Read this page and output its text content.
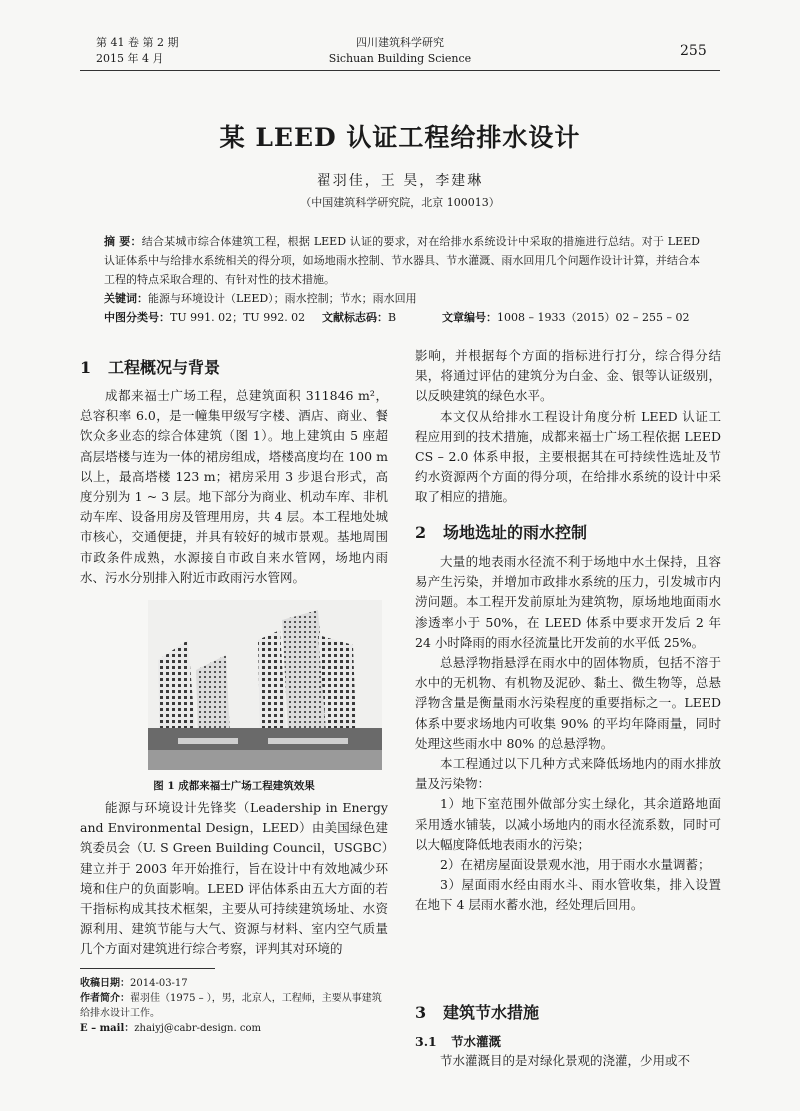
第 41 卷 第 2 期
2015 年 4 月
四川建筑科学研究
Sichuan Building Science	255
某 LEED 认证工程给排水设计
翟羽佳，王 昊，李建琳
（中国建筑科学研究院，北京 100013）
摘 要：结合某城市综合体建筑工程，根据 LEED 认证的要求，对在给排水系统设计中采取的措施进行总结。对于 LEED 认证体系中与给排水系统相关的得分项，如场地雨水控制、节水器具、节水灌溉、雨水回用几个问题作设计计算，并结合本工程的特点采取合理的、有针对性的技术措施。
关键词：能源与环境设计（LEED）；雨水控制；节水；雨水回用
中图分类号：TU 991. 02；TU 992. 02 文献标志码：B	文章编号：1008 – 1933（2015）02 – 255 – 02
1 工程概况与背景

成都来福士广场工程，总建筑面积 311846 m²，总容积率 6.0，是一幢集甲级写字楼、酒店、商业、餐饮众多业态的综合体建筑（图 1）。地上建筑由 5 座超高层塔楼与连为一体的裙房组成，塔楼高度均在 100 m 以上，最高塔楼 123 m；裙房采用 3 步退台形式，高度分别为 1 ~ 3 层。地下部分为商业、机动车库、非机动车库、设备用房及管理用房，共 4 层。本工程地处城市核心，交通便捷，并具有较好的城市景观。基地周围市政条件成熟，水源接自市政自来水管网，场地内雨水、污水分别排入附近市政雨污水管网。

图 1 成都来福士广场工程建筑效果

能源与环境设计先锋奖（Leadership in Energy and Environmental Design，LEED）由美国绿色建筑委员会（U. S Green Building Council，USGBC）建立并于 2003 年开始推行，旨在设计中有效地减少环境和住户的负面影响。LEED 评估体系由五大方面的若干指标构成其技术框架，主要从可持续建筑场址、水资源利用、建筑节能与大气、资源与材料、室内空气质量几个方面对建筑进行综合考察，评判其对环境的

收稿日期：2014-03-17
作者简介：翟羽佳（1975 – ），男，北京人，工程师，主要从事建筑给排水设计工作。
E – mail：zhaiyj@cabr-design. com

影响，并根据每个方面的指标进行打分，综合得分结果，将通过评估的建筑分为白金、金、银等认证级别，以反映建筑的绿色水平。

本文仅从给排水工程设计角度分析 LEED 认证工程应用到的技术措施，成都来福士广场工程依据 LEED CS – 2.0 体系申报，主要根据其在可持续性选址及节约水资源两个方面的得分项，在给排水系统的设计中采取了相应的措施。

2 场地选址的雨水控制

大量的地表雨水径流不利于场地中水土保持，且容易产生污染，并增加市政排水系统的压力，引发城市内涝问题。本工程开发前原址为建筑物，原场地地面雨水渗透率小于 50%，在 LEED 体系中要求开发后 2 年 24 小时降雨的雨水径流量比开发前的水平低 25%。

总悬浮物指悬浮在雨水中的固体物质，包括不溶于水中的无机物、有机物及泥砂、黏土、微生物等，总悬浮物含量是衡量雨水污染程度的重要指标之一。LEED 体系中要求场地内可收集 90% 的平均年降雨量，同时处理这些雨水中 80% 的总悬浮物。

本工程通过以下几种方式来降低场地内的雨水排放量及污染物：

1）地下室范围外做部分实土绿化，其余道路地面采用透水铺装，以减小场地内的雨水径流系数，同时可以大幅度降低地表雨水的污染；

2）在裙房屋面设景观水池，用于雨水水量调蓄；

3）屋面雨水经由雨水斗、雨水管收集，排入设置在地下 4 层雨水蓄水池，经处理后回用。

3 建筑节水措施
3.1 节水灌溉

节水灌溉目的是对绿化景观的浇灌，少用或不
